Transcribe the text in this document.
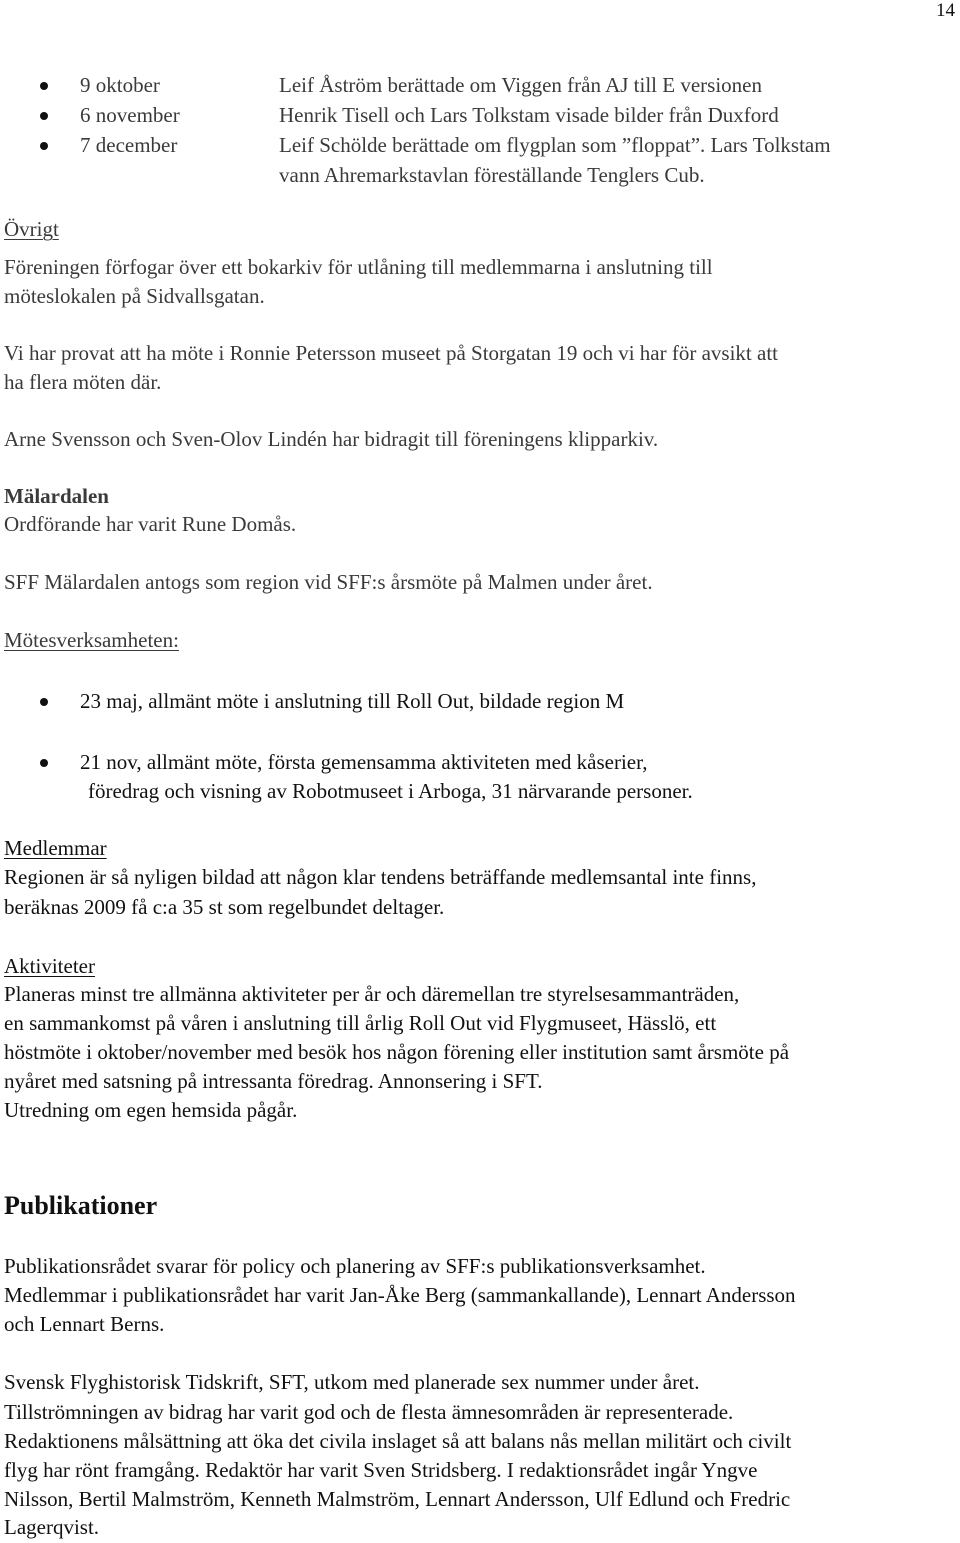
14
9 oktober	Leif Åström berättade om Viggen från AJ till E versionen
6 november	Henrik Tisell och Lars Tolkstam visade bilder från Duxford
7 december	Leif Schölde berättade om flygplan som ”floppat”. Lars Tolkstam
vann Ahremarkstavlan föreställande Tenglers Cub.
Övrigt
Föreningen förfogar över ett bokarkiv för utlåning till medlemmarna i anslutning till
möteslokalen på Sidvallsgatan.
Vi har provat att ha möte i Ronnie Petersson museet på Storgatan 19 och vi har för avsikt att
ha flera möten där.
Arne Svensson och Sven-Olov Lindén har bidragit till föreningens klipparkiv.
Mälardalen
Ordförande har varit Rune Domås.
SFF Mälardalen antogs som region vid SFF:s årsmöte på Malmen under året.
Mötesverksamheten:
23 maj, allmänt möte i anslutning till Roll Out, bildade region M
21 nov, allmänt möte, första gemensamma aktiviteten med kåserier,
föredrag och visning av Robotmuseet i Arboga, 31 närvarande personer.
Medlemmar
Regionen är så nyligen bildad att någon klar tendens beträffande medlemsantal inte finns,
beräknas 2009 få c:a 35 st som regelbundet deltager.
Aktiviteter
Planeras minst tre allmänna aktiviteter per år och däremellan tre styrelsesammanträden,
en sammankomst på våren i anslutning till årlig Roll Out vid Flygmuseet, Hässlö, ett
höstmöte i oktober/november med besök hos någon förening eller institution samt årsmöte på
nyåret med satsning på intressanta föredrag. Annonsering i SFT.
Utredning om egen hemsida pågår.
Publikationer
Publikationsrådet svarar för policy och planering av SFF:s publikationsverksamhet.
Medlemmar i publikationsrådet har varit Jan-Åke Berg (sammankallande), Lennart Andersson
och Lennart Berns.
Svensk Flyghistorisk Tidskrift, SFT, utkom med planerade sex nummer under året.
Tillströmningen av bidrag har varit god och de flesta ämnesområden är representerade.
Redaktionens målsättning att öka det civila inslaget så att balans nås mellan militärt och civilt
flyg har rönt framgång. Redaktör har varit Sven Stridsberg. I redaktionsrådet ingår Yngve
Nilsson, Bertil Malmström, Kenneth Malmström, Lennart Andersson, Ulf Edlund och Fredric
Lagerqvist.
